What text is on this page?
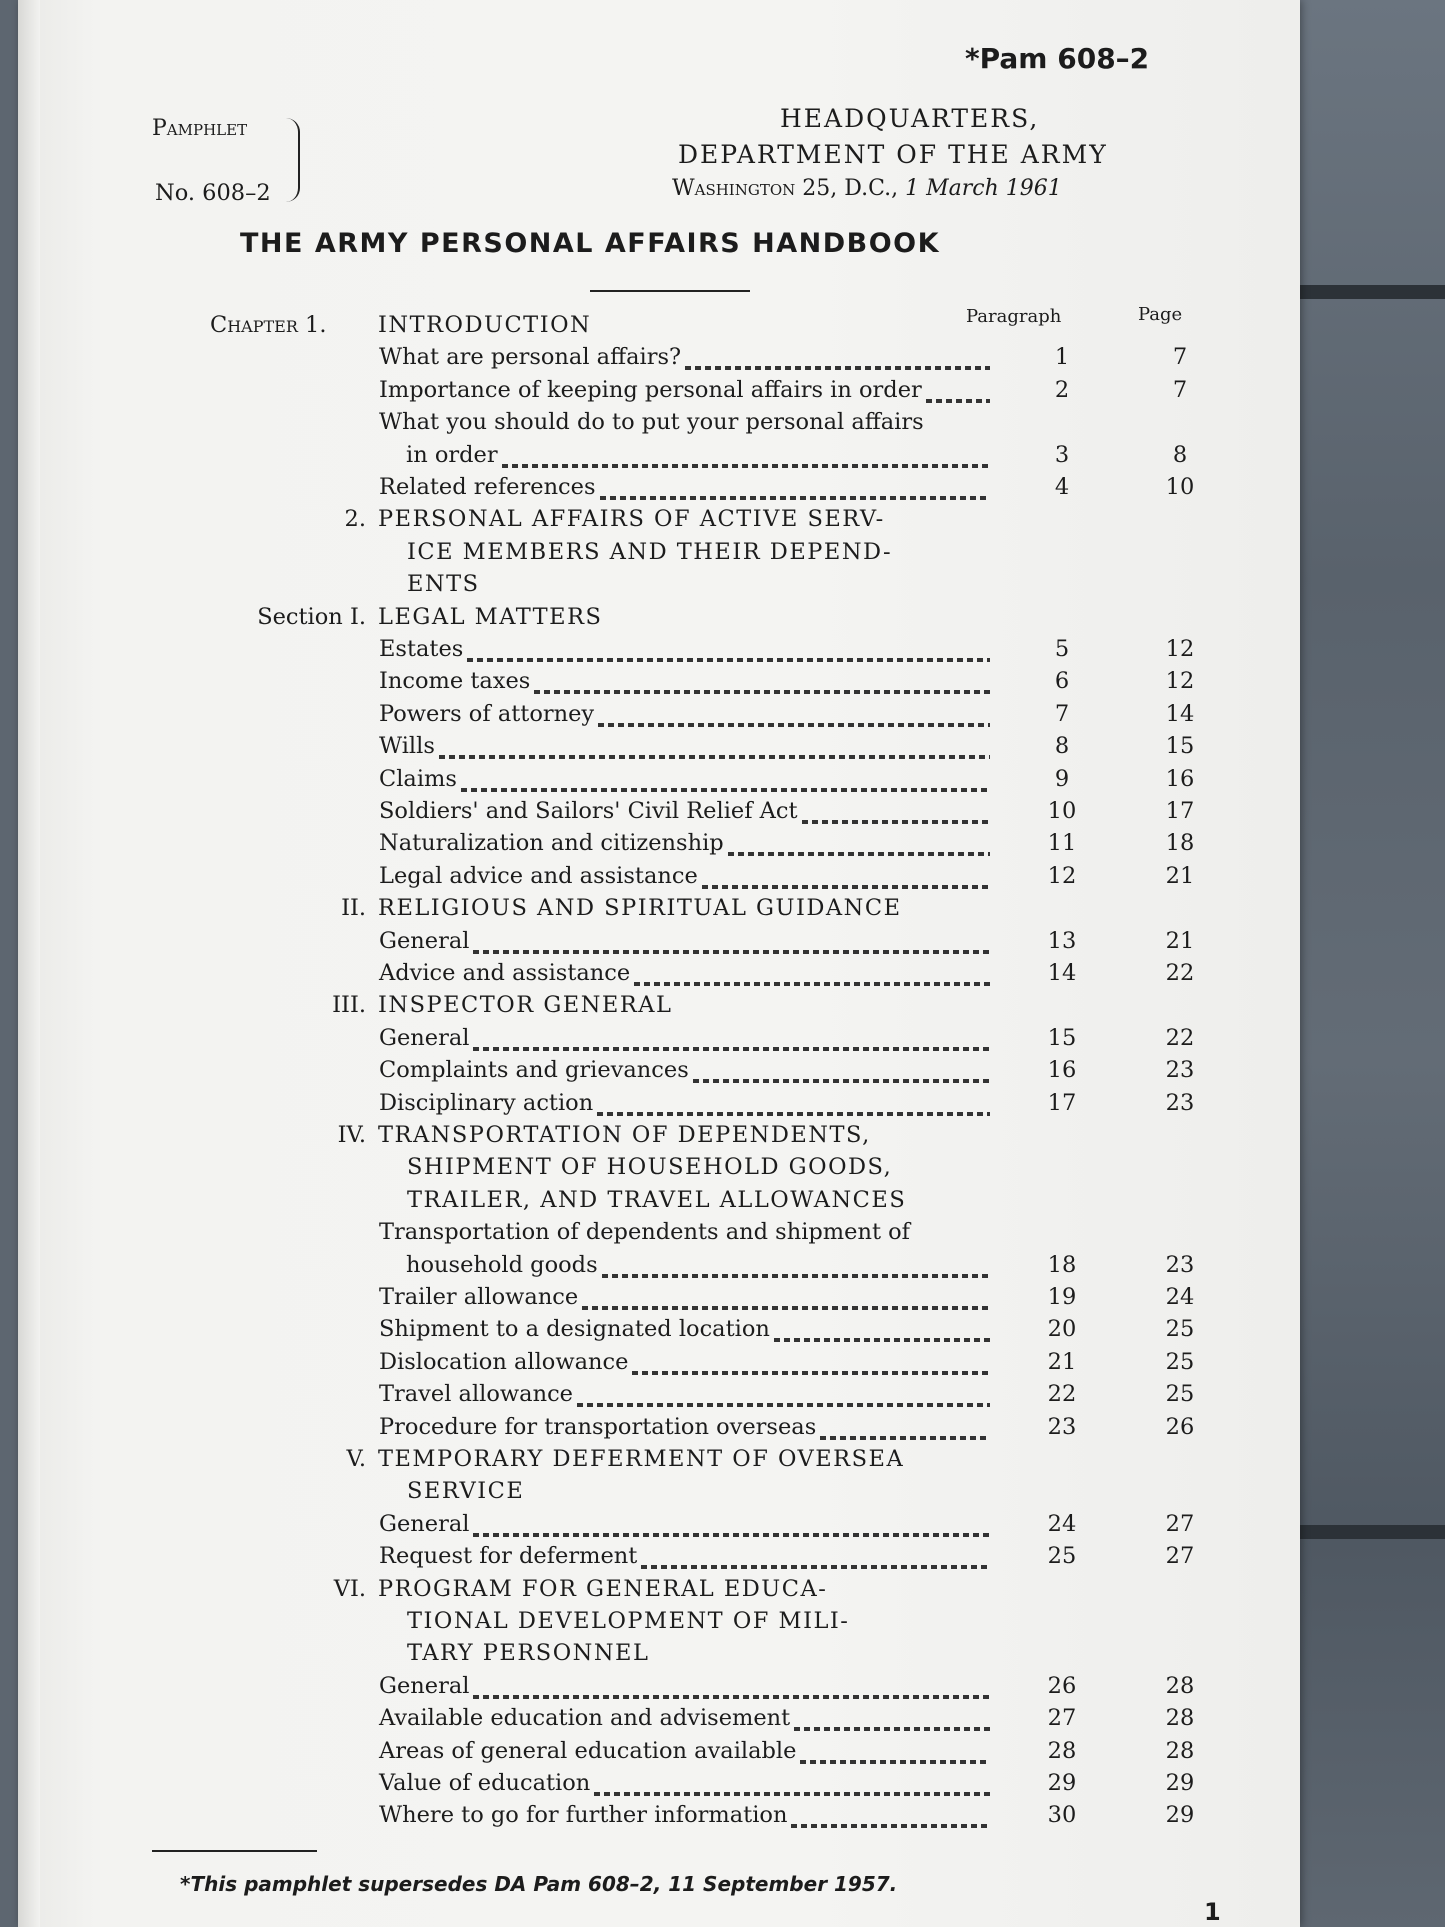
*Pam 608–2
Pamphlet
No. 608–2
HEADQUARTERS,
DEPARTMENT OF THE ARMY
Washington 25, D.C., 1 March 1961
THE ARMY PERSONAL AFFAIRS HANDBOOK
Paragraph	Page
Chapter 1. INTRODUCTION
What are personal affairs?	1	7
Importance of keeping personal affairs in order	2	7
What you should do to put your personal affairs
in order	3	8
Related references	4	10
2. PERSONAL AFFAIRS OF ACTIVE SERV-
ICE MEMBERS AND THEIR DEPEND-
ENTS
Section I. LEGAL MATTERS
Estates	5	12
Income taxes	6	12
Powers of attorney	7	14
Wills	8	15
Claims	9	16
Soldiers' and Sailors' Civil Relief Act	10	17
Naturalization and citizenship	11	18
Legal advice and assistance	12	21
II. RELIGIOUS AND SPIRITUAL GUIDANCE
General	13	21
Advice and assistance	14	22
III. INSPECTOR GENERAL
General	15	22
Complaints and grievances	16	23
Disciplinary action	17	23
IV. TRANSPORTATION OF DEPENDENTS,
SHIPMENT OF HOUSEHOLD GOODS,
TRAILER, AND TRAVEL ALLOWANCES
Transportation of dependents and shipment of
household goods	18	23
Trailer allowance	19	24
Shipment to a designated location	20	25
Dislocation allowance	21	25
Travel allowance	22	25
Procedure for transportation overseas	23	26
V. TEMPORARY DEFERMENT OF OVERSEA
SERVICE
General	24	27
Request for deferment	25	27
VI. PROGRAM FOR GENERAL EDUCA-
TIONAL DEVELOPMENT OF MILI-
TARY PERSONNEL
General	26	28
Available education and advisement	27	28
Areas of general education available	28	28
Value of education	29	29
Where to go for further information	30	29
*This pamphlet supersedes DA Pam 608–2, 11 September 1957.
1
